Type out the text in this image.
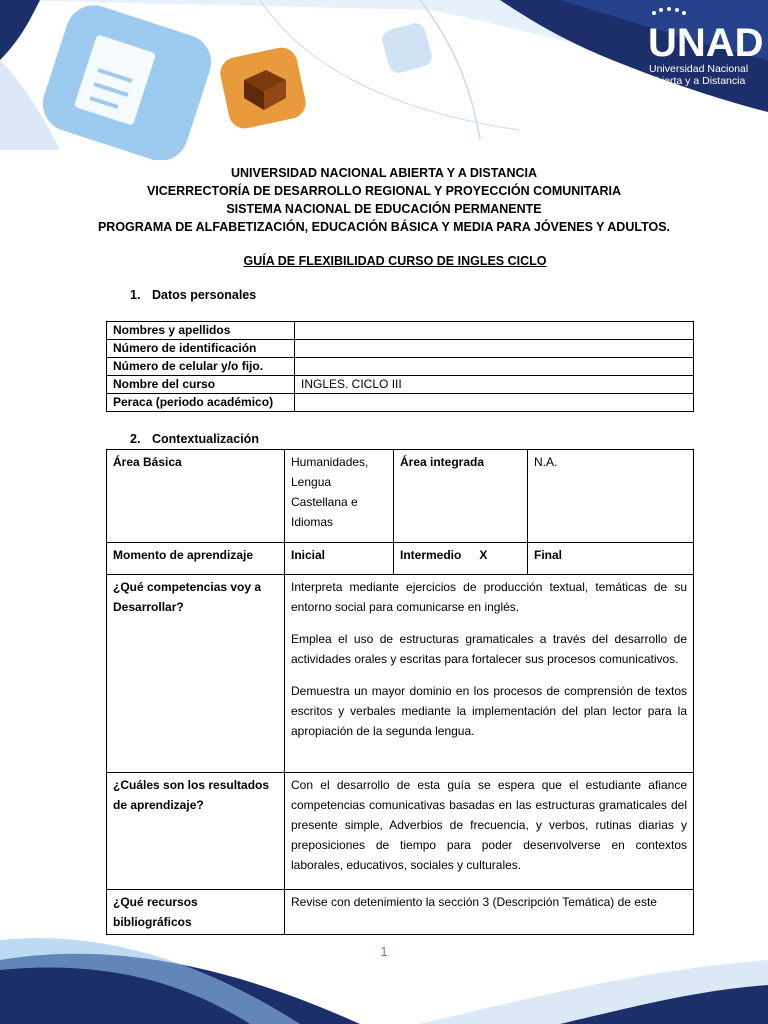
UNAD
Universidad Nacional
Abierta y a Distancia
UNIVERSIDAD NACIONAL ABIERTA Y A DISTANCIA
VICERRECTORÍA DE DESARROLLO REGIONAL Y PROYECCIÓN COMUNITARIA
SISTEMA NACIONAL DE EDUCACIÓN PERMANENTE
PROGRAMA DE ALFABETIZACIÓN, EDUCACIÓN BÁSICA Y MEDIA PARA JÓVENES Y ADULTOS.
GUÍA DE FLEXIBILIDAD CURSO DE INGLES CICLO
1. Datos personales
Nombres y apellidos	
Número de identificación	
Número de celular y/o fijo.	
Nombre del curso	INGLES. CICLO III
Peraca (periodo académico)	
2. Contextualización
Área Básica	Humanidades, Lengua Castellana e Idiomas	Área integrada	N.A.
Momento de aprendizaje	Inicial	Intermedio X	Final
¿Qué competencias voy a Desarrollar?	Interpreta mediante ejercicios de producción textual, temáticas de su entorno social para comunicarse en inglés.

Emplea el uso de estructuras gramaticales a través del desarrollo de actividades orales y escritas para fortalecer sus procesos comunicativos.

Demuestra un mayor dominio en los procesos de comprensión de textos escritos y verbales mediante la implementación del plan lector para la apropiación de la segunda lengua.		

¿Cuáles son los resultados de aprendizaje?	Con el desarrollo de esta guía se espera que el estudiante afiance competencias comunicativas basadas en las estructuras gramaticales del presente simple, Adverbios de frecuencia, y verbos, rutinas diarias y preposiciones de tiempo para poder desenvolverse en contextos laborales, educativos, sociales y culturales.		
¿Qué recursos bibliográficos	Revise con detenimiento la sección 3 (Descripción Temática) de este		
1
